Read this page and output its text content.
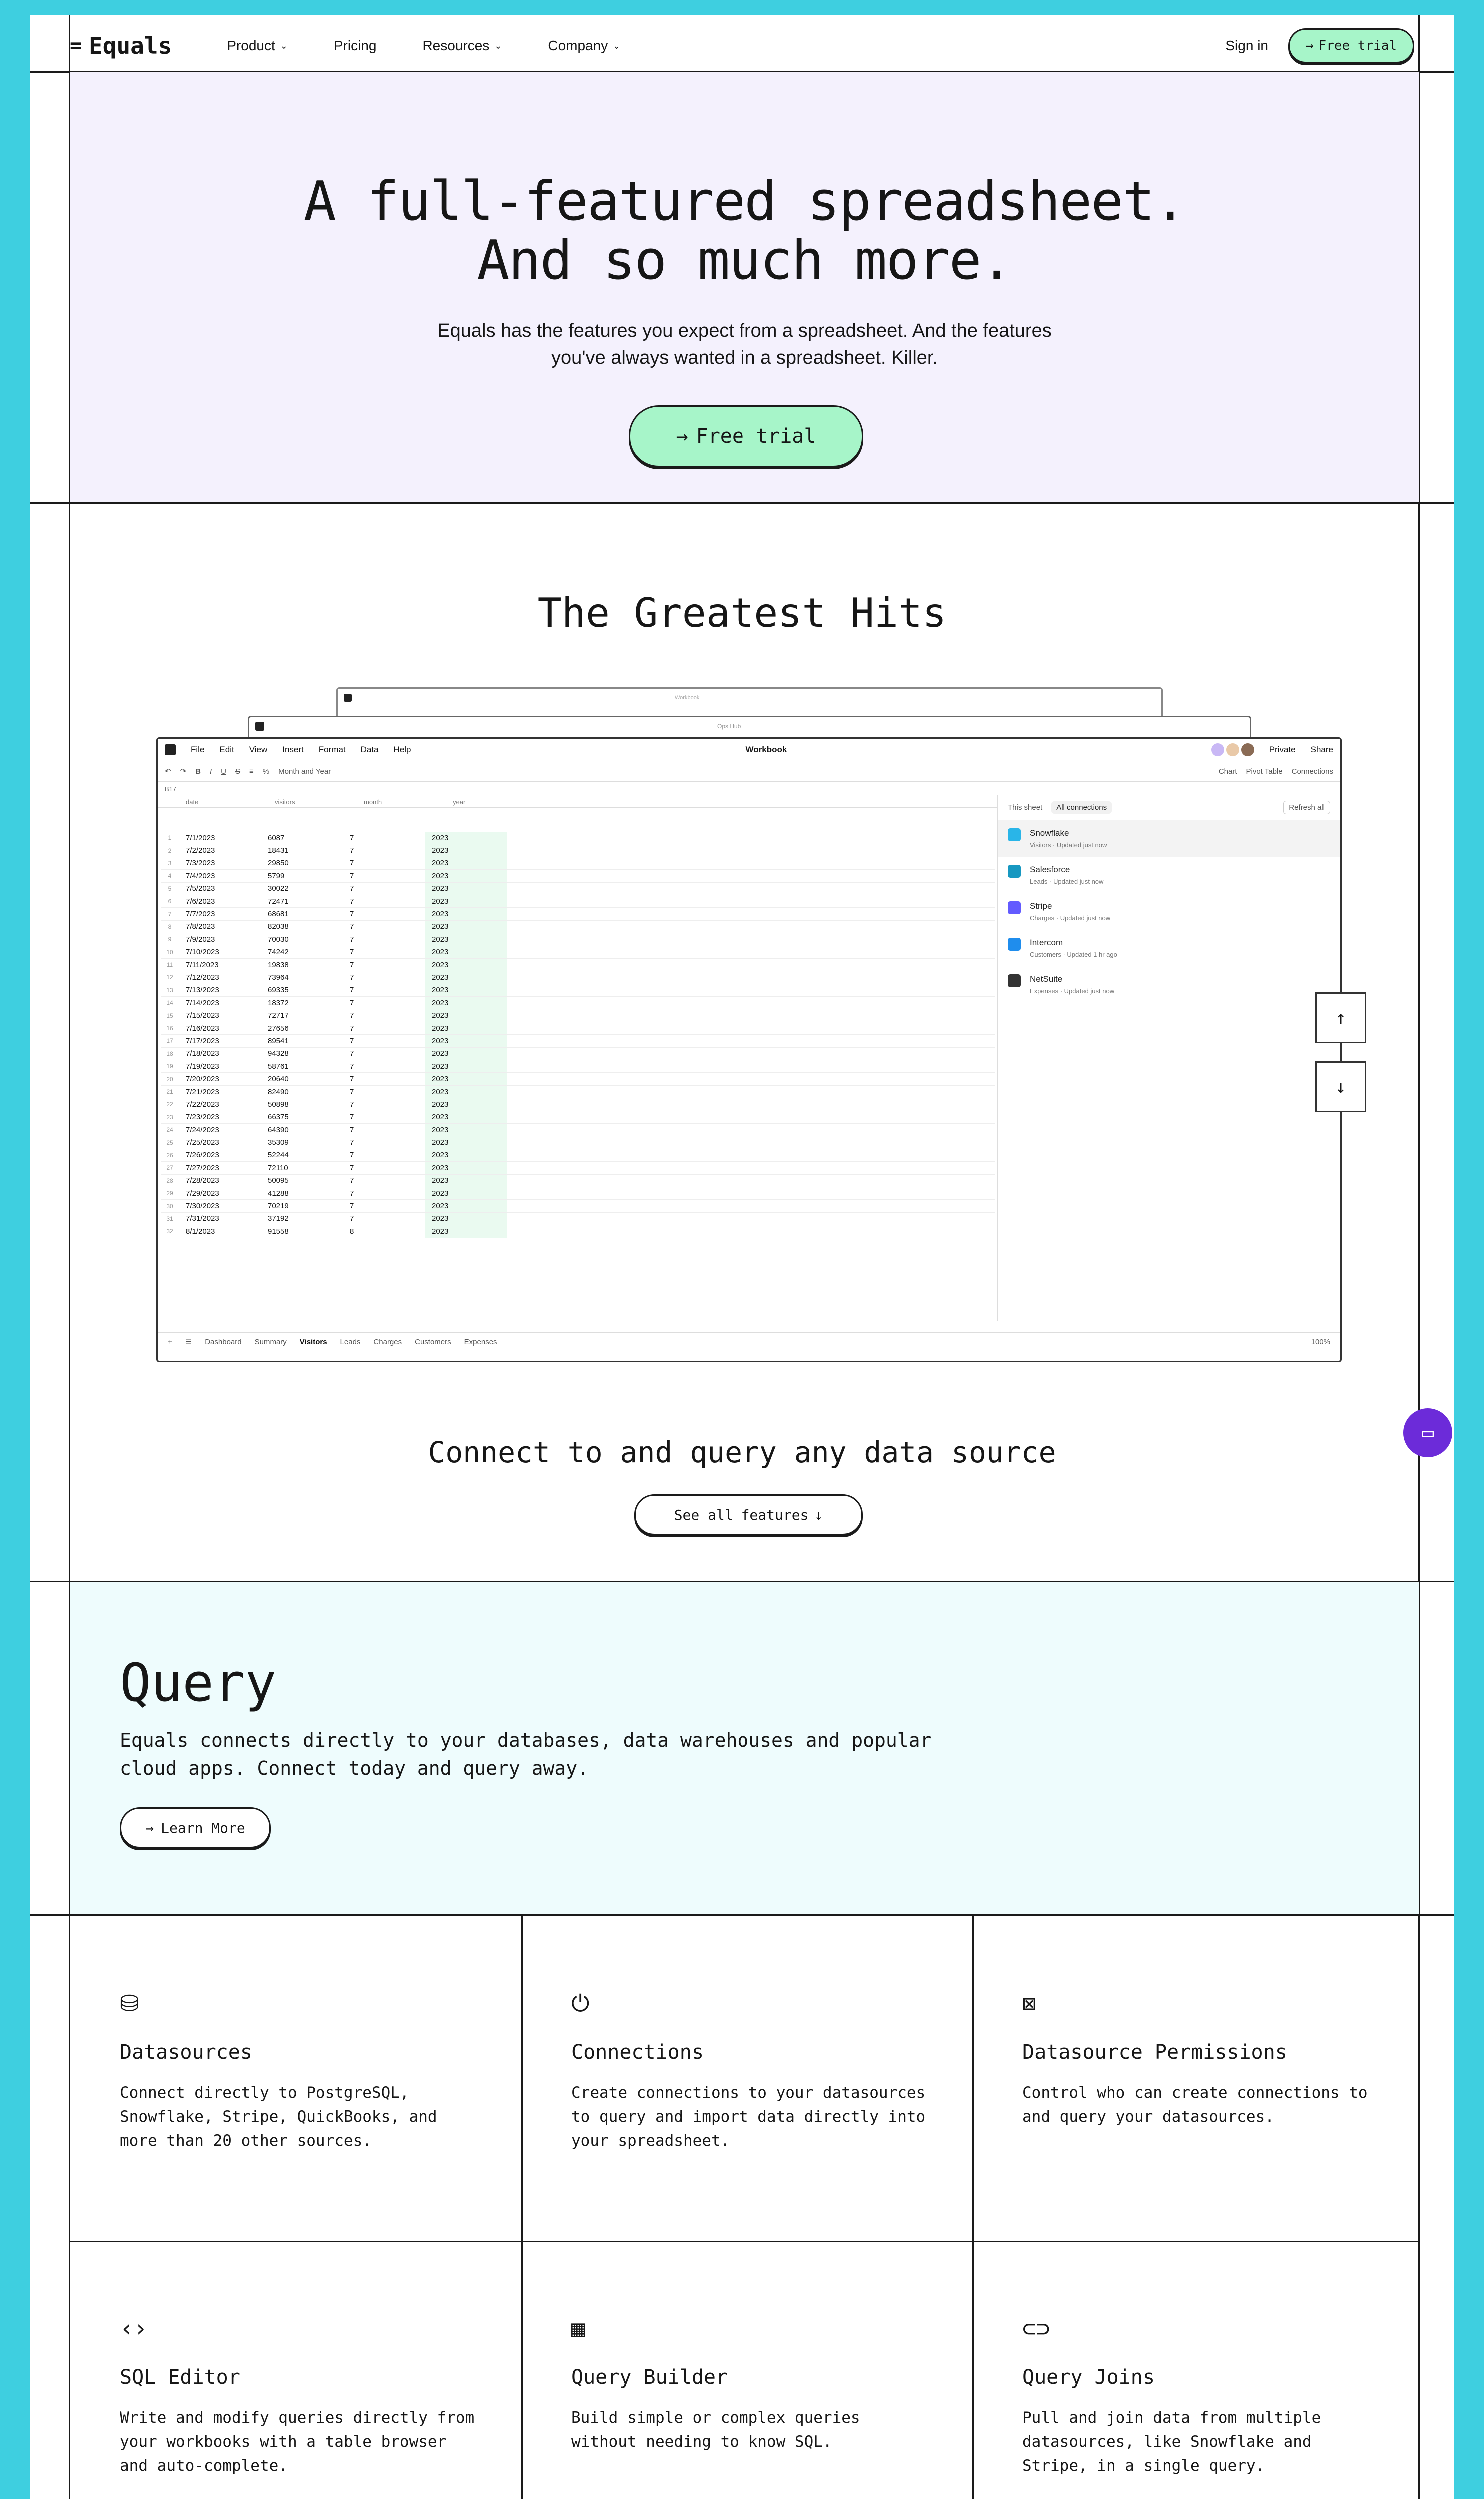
= Equals	Product ⌄	Pricing	Resources ⌄	Company ⌄	Sign in	→ Free trial
A full-featured spreadsheet.
And so much more.

Equals has the features you expect from a spreadsheet. And the features
you've always wanted in a spreadsheet. Killer.

→ Free trial
The Greatest Hits
Workbook
Ops Hub
File Edit View Insert Format Data Help	Workbook	Private Share
↶ ↷ B I U S ≡ % Month and Year	Chart Pivot Table Connections
B17
date	visitors	month	year
1	7/1/2023	6087	7	2023
2	7/2/2023	18431	7	2023
3	7/3/2023	29850	7	2023
4	7/4/2023	5799	7	2023
5	7/5/2023	30022	7	2023
6	7/6/2023	72471	7	2023
7	7/7/2023	68681	7	2023
8	7/8/2023	82038	7	2023
9	7/9/2023	70030	7	2023
10	7/10/2023	74242	7	2023
11	7/11/2023	19838	7	2023
12	7/12/2023	73964	7	2023
13	7/13/2023	69335	7	2023
14	7/14/2023	18372	7	2023
15	7/15/2023	72717	7	2023
16	7/16/2023	27656	7	2023
17	7/17/2023	89541	7	2023
18	7/18/2023	94328	7	2023
19	7/19/2023	58761	7	2023
20	7/20/2023	20640	7	2023
21	7/21/2023	82490	7	2023
22	7/22/2023	50898	7	2023
23	7/23/2023	66375	7	2023
24	7/24/2023	64390	7	2023
25	7/25/2023	35309	7	2023
26	7/26/2023	52244	7	2023
27	7/27/2023	72110	7	2023
28	7/28/2023	50095	7	2023
29	7/29/2023	41288	7	2023
30	7/30/2023	70219	7	2023
31	7/31/2023	37192	7	2023
32	8/1/2023	91558	8	2023
This sheet	All connections	Refresh all
Snowflake
Visitors · Updated just now
Salesforce
Leads · Updated just now
Stripe
Charges · Updated just now
Intercom
Customers · Updated 1 hr ago
NetSuite
Expenses · Updated just now
+ ☰ Dashboard Summary Visitors Leads Charges Customers Expenses	100%
↑
↓
Connect to and query any data source
See all features ↓
▭
Query
Equals connects directly to your databases, data warehouses and popular
cloud apps. Connect today and query away.
→ Learn More
⛁
Datasources
Connect directly to PostgreSQL, Snowflake, Stripe, QuickBooks, and more than 20 other sources.
⏻
Connections
Create connections to your datasources to query and import data directly into your spreadsheet.
⊠
Datasource Permissions
Control who can create connections to and query your datasources.
‹›
SQL Editor
Write and modify queries directly from your workbooks with a table browser and auto-complete.
▦
Query Builder
Build simple or complex queries without needing to know SQL.
⊂⊃
Query Joins
Pull and join data from multiple datasources, like Snowflake and Stripe, in a single query.
